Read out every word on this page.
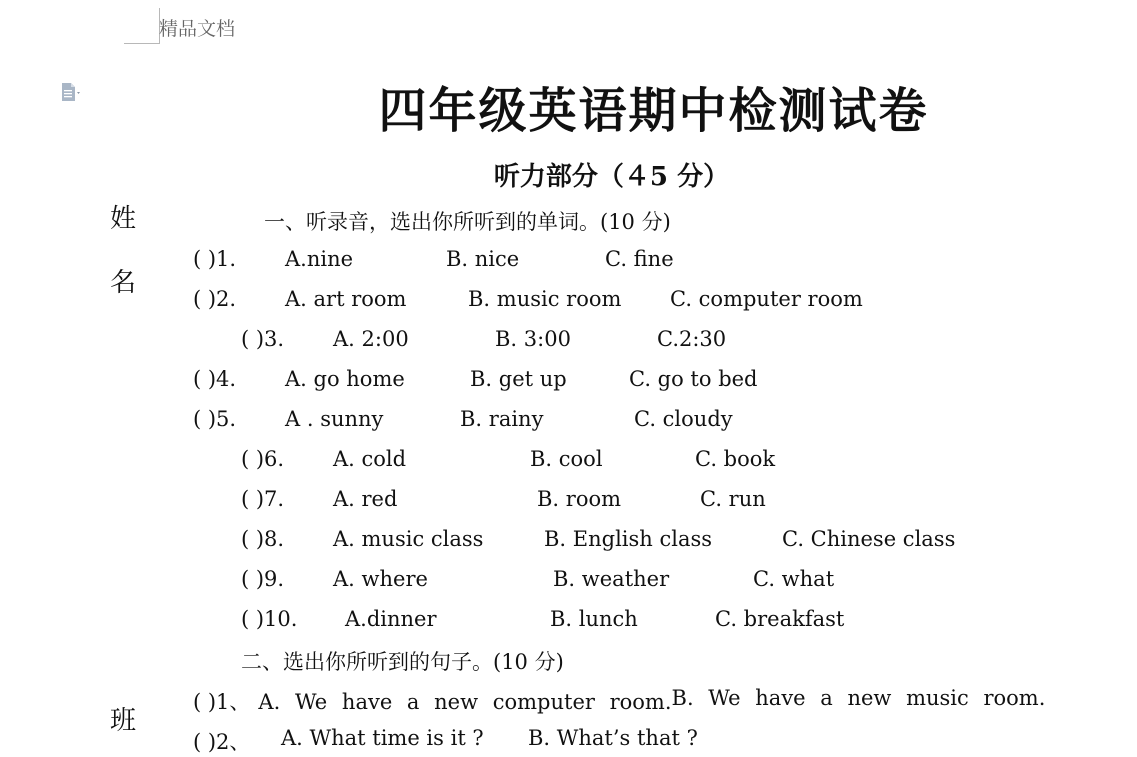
精品文档
四年级英语期中检测试卷
听力部分（４5 分）
姓
名
班
一、听录音，选出你所听到的单词。(10 分)
( )1. A.nine	B. nice	C. fine
( )2. A. art room	B. music room C. computer room
( )3. A. 2:00	B. 3:00	C.2:30
( )4. A. go home	B. get up	C. go to bed
( )5. A . sunny	B. rainy	C. cloudy
( )6. A. cold	B. cool	C. book
( )7. A. red	B. room	C. run
( )8. A. music class	B. English class	C. Chinese class
( )9. A. where	B. weather	C. what
( )10. A.dinner	B. lunch	C. breakfast
二、选出你所听到的句子。(10 分)
( )1、 A. We have a new computer room. B. We have a new music room.
( )2、 A. What time is it ? B. What’s that ?
